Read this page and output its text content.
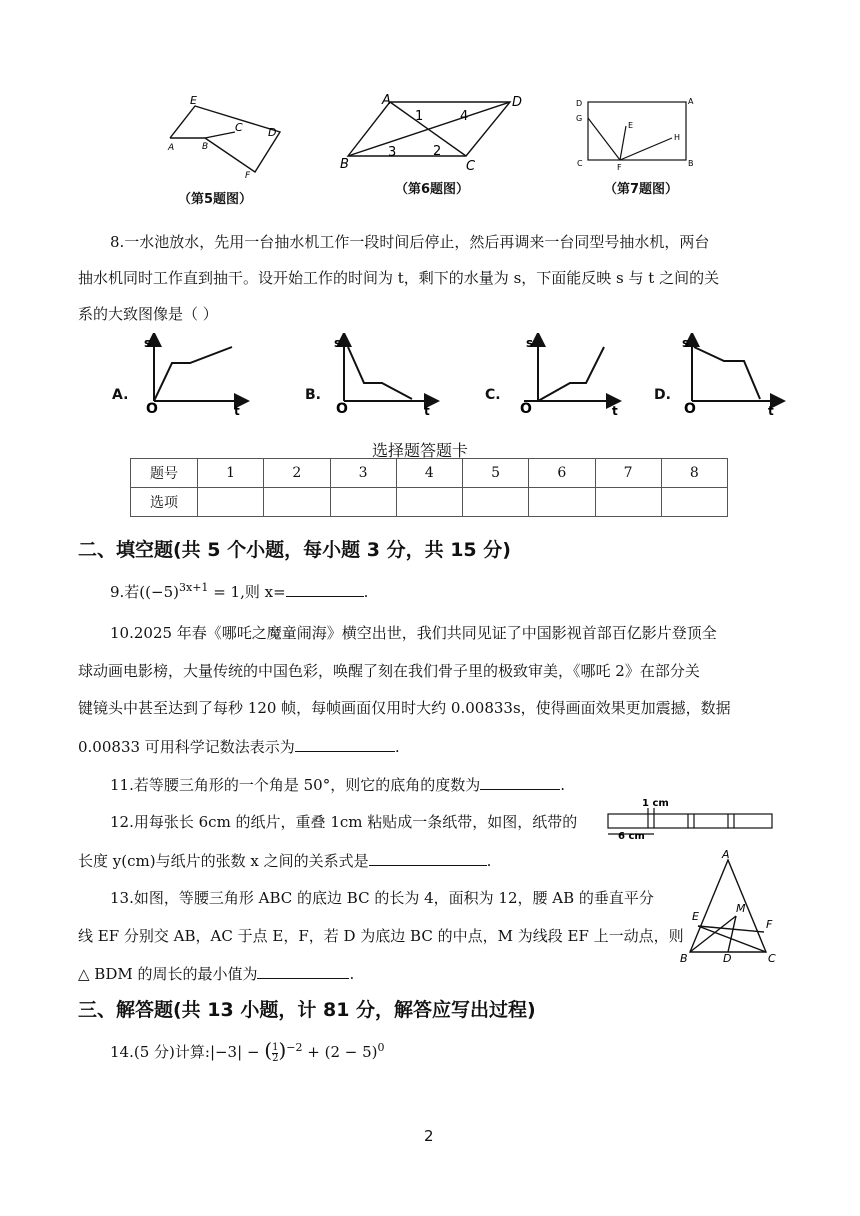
E
A	B
C D
F
（第5题图）
A	D
B	C
1	4
3	2
（第6题图）
D	A
G
E
H
C	F	B
（第7题图）
8.一水池放水，先用一台抽水机工作一段时间后停止，然后再调来一台同型号抽水机，两台
抽水机同时工作直到抽干。设开始工作的时间为 t，剩下的水量为 s，下面能反映 s 与 t 之间的关
系的大致图像是（ ）
A.
s
O	t
B.
s
O	t
C.
s
O	t
D.
s
O	t
选择题答题卡
题号	1	2	3	4	5	6	7	8
选项								
二、填空题(共 5 个小题，每小题 3 分，共 15 分)
9.若($(-5)^{3x+1} = 1$,则 x=	.
10.2025 年春《哪吒之魔童闹海》横空出世，我们共同见证了中国影视首部百亿影片登顶全
球动画电影榜，大量传统的中国色彩，唤醒了刻在我们骨子里的极致审美，《哪吒 2》在部分关
键镜头中甚至达到了每秒 120 帧，每帧画面仅用时大约 0.00833s，使得画面效果更加震撼，数据
0.00833 可用科学记数法表示为	.
11.若等腰三角形的一个角是 50°，则它的底角的度数为	.
12.用每张长 6cm 的纸片，重叠 1cm 粘贴成一条纸带，如图，纸带的
1 cm
6 cm
长度 y(cm)与纸片的张数 x 之间的关系式是	.
13.如图，等腰三角形 ABC 的底边 BC 的长为 4，面积为 12，腰 AB 的垂直平分
线 EF 分别交 AB，AC 于点 E，F，若 D 为底边 BC 的中点，M 为线段 EF 上一动点，则
△ BDM 的周长的最小值为	.
A
E
M
F
B	D	C
三、解答题(共 13 小题，计 81 分，解答应写出过程)
14.(5 分)计算:|−3| − ( $\frac{1}{2} )^{-2} + (2 - 5)^0$
2
